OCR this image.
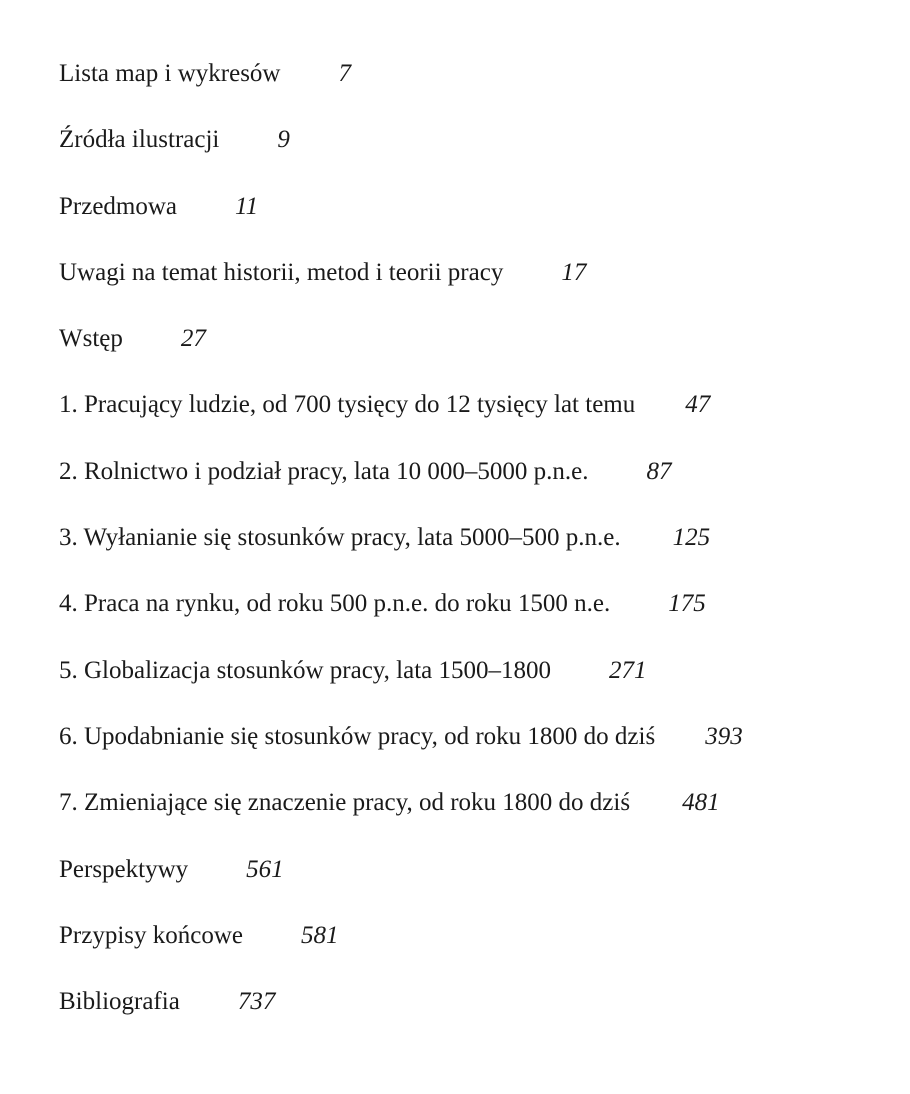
Lista map i wykresów 7
Źródła ilustracji 9
Przedmowa 11
Uwagi na temat historii, metod i teorii pracy 17
Wstęp 27
1. Pracujący ludzie, od 700 tysięcy do 12 tysięcy lat temu 47
2. Rolnictwo i podział pracy, lata 10 000–5000 p.n.e. 87
3. Wyłanianie się stosunków pracy, lata 5000–500 p.n.e. 125
4. Praca na rynku, od roku 500 p.n.e. do roku 1500 n.e. 175
5. Globalizacja stosunków pracy, lata 1500–1800 271
6. Upodabnianie się stosunków pracy, od roku 1800 do dziś 393
7. Zmieniające się znaczenie pracy, od roku 1800 do dziś 481
Perspektywy 561
Przypisy końcowe 581
Bibliografia 737
